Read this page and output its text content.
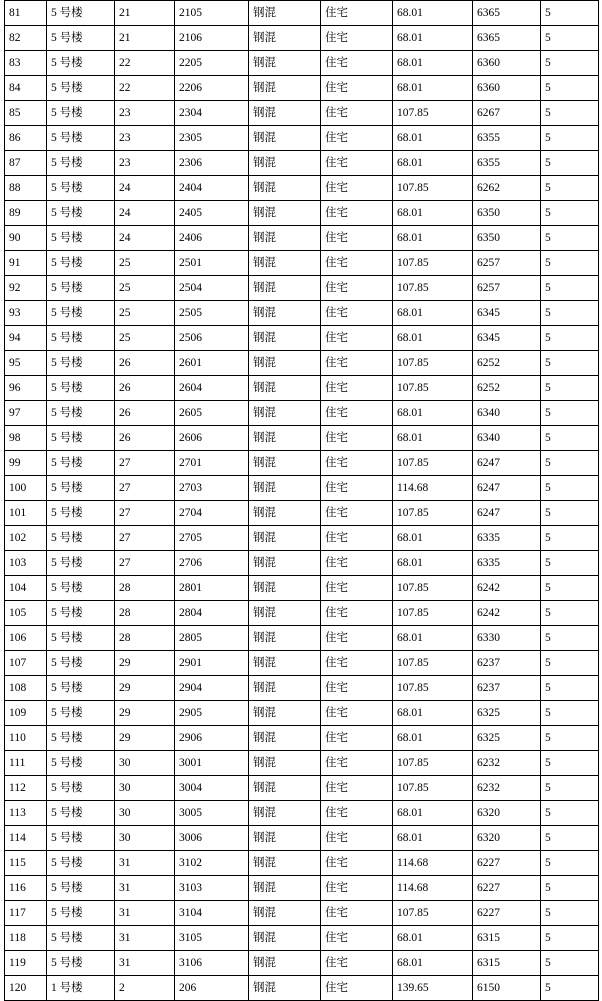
81	5 号楼	21	2105	钢混	住宅	68.01	6365	5
82	5 号楼	21	2106	钢混	住宅	68.01	6365	5
83	5 号楼	22	2205	钢混	住宅	68.01	6360	5
84	5 号楼	22	2206	钢混	住宅	68.01	6360	5
85	5 号楼	23	2304	钢混	住宅	107.85	6267	5
86	5 号楼	23	2305	钢混	住宅	68.01	6355	5
87	5 号楼	23	2306	钢混	住宅	68.01	6355	5
88	5 号楼	24	2404	钢混	住宅	107.85	6262	5
89	5 号楼	24	2405	钢混	住宅	68.01	6350	5
90	5 号楼	24	2406	钢混	住宅	68.01	6350	5
91	5 号楼	25	2501	钢混	住宅	107.85	6257	5
92	5 号楼	25	2504	钢混	住宅	107.85	6257	5
93	5 号楼	25	2505	钢混	住宅	68.01	6345	5
94	5 号楼	25	2506	钢混	住宅	68.01	6345	5
95	5 号楼	26	2601	钢混	住宅	107.85	6252	5
96	5 号楼	26	2604	钢混	住宅	107.85	6252	5
97	5 号楼	26	2605	钢混	住宅	68.01	6340	5
98	5 号楼	26	2606	钢混	住宅	68.01	6340	5
99	5 号楼	27	2701	钢混	住宅	107.85	6247	5
100	5 号楼	27	2703	钢混	住宅	114.68	6247	5
101	5 号楼	27	2704	钢混	住宅	107.85	6247	5
102	5 号楼	27	2705	钢混	住宅	68.01	6335	5
103	5 号楼	27	2706	钢混	住宅	68.01	6335	5
104	5 号楼	28	2801	钢混	住宅	107.85	6242	5
105	5 号楼	28	2804	钢混	住宅	107.85	6242	5
106	5 号楼	28	2805	钢混	住宅	68.01	6330	5
107	5 号楼	29	2901	钢混	住宅	107.85	6237	5
108	5 号楼	29	2904	钢混	住宅	107.85	6237	5
109	5 号楼	29	2905	钢混	住宅	68.01	6325	5
110	5 号楼	29	2906	钢混	住宅	68.01	6325	5
111	5 号楼	30	3001	钢混	住宅	107.85	6232	5
112	5 号楼	30	3004	钢混	住宅	107.85	6232	5
113	5 号楼	30	3005	钢混	住宅	68.01	6320	5
114	5 号楼	30	3006	钢混	住宅	68.01	6320	5
115	5 号楼	31	3102	钢混	住宅	114.68	6227	5
116	5 号楼	31	3103	钢混	住宅	114.68	6227	5
117	5 号楼	31	3104	钢混	住宅	107.85	6227	5
118	5 号楼	31	3105	钢混	住宅	68.01	6315	5
119	5 号楼	31	3106	钢混	住宅	68.01	6315	5
120	1 号楼	2	206	钢混	住宅	139.65	6150	5
